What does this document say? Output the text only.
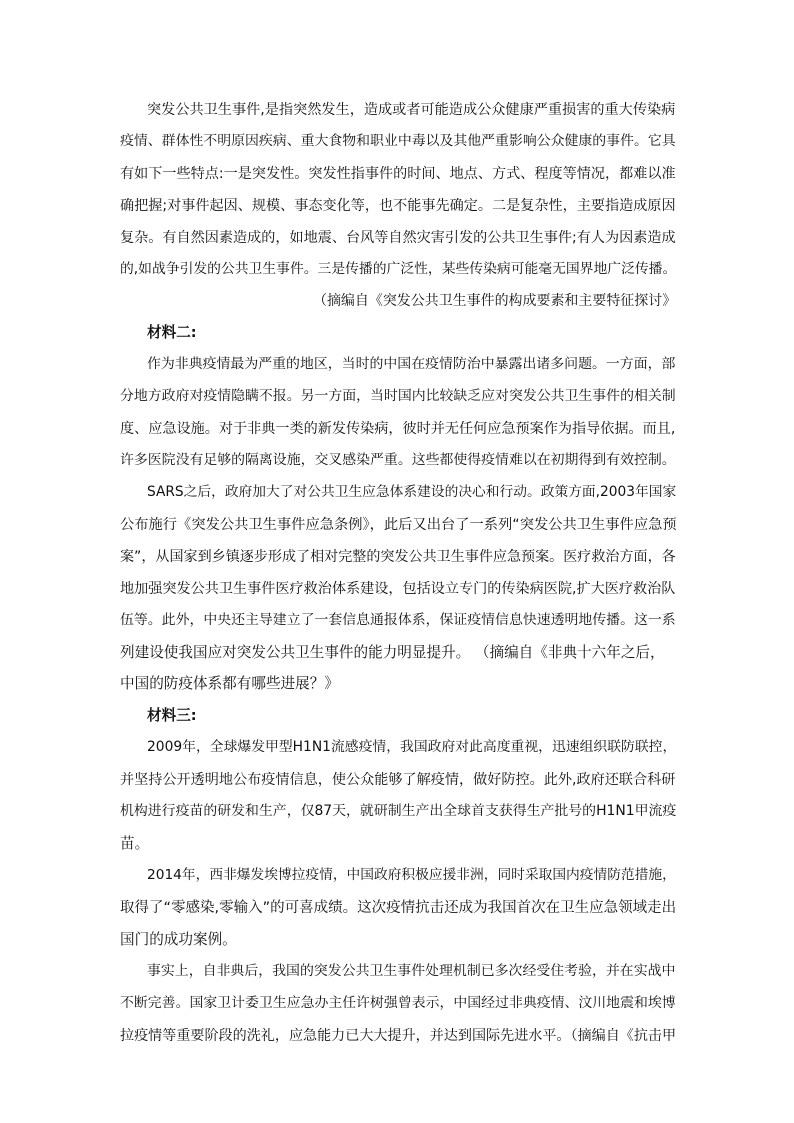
突发公共卫生事件,是指突然发生，造成或者可能造成公众健康严重损害的重大传染病
疫情、群体性不明原因疾病、重大食物和职业中毒以及其他严重影响公众健康的事件。它具
有如下一些特点:一是突发性。突发性指事件的时间、地点、方式、程度等情况，都难以准
确把握;对事件起因、规模、事态变化等，也不能事先确定。二是复杂性，主要指造成原因
复杂。有自然因素造成的，如地震、台风等自然灾害引发的公共卫生事件;有人为因素造成
的,如战争引发的公共卫生事件。三是传播的广泛性，某些传染病可能毫无国界地广泛传播。
（摘编自《突发公共卫生事件的构成要素和主要特征探讨》
材料二:
作为非典疫情最为严重的地区，当时的中国在疫情防治中暴露出诸多问题。一方面，部
分地方政府对疫情隐瞒不报。另一方面，当时国内比较缺乏应对突发公共卫生事件的相关制
度、应急设施。对于非典一类的新发传染病，彼时并无任何应急预案作为指导依据。而且,
许多医院没有足够的隔离设施，交叉感染严重。这些都使得疫情难以在初期得到有效控制。
SARS之后，政府加大了对公共卫生应急体系建设的决心和行动。政策方面,2003年国家
公布施行《突发公共卫生事件应急条例》，此后又出台了一系列“突发公共卫生事件应急预
案”，从国家到乡镇逐步形成了相对完整的突发公共卫生事件应急预案。医疗救治方面，各
地加强突发公共卫生事件医疗救治体系建设，包括设立专门的传染病医院,扩大医疗救治队
伍等。此外，中央还主导建立了一套信息通报体系，保证疫情信息快速透明地传播。这一系
列建设使我国应对突发公共卫生事件的能力明显提升。 （摘编自《非典十六年之后，
中国的防疫体系都有哪些进展？》
材料三:
2009年，全球爆发甲型H1N1流感疫情，我国政府对此高度重视，迅速组织联防联控，
并坚持公开透明地公布疫情信息，使公众能够了解疫情，做好防控。此外,政府还联合科研
机构进行疫苗的研发和生产，仅87天，就研制生产出全球首支获得生产批号的H1N1甲流疫
苗。
2014年，西非爆发埃博拉疫情，中国政府积极应援非洲，同时采取国内疫情防范措施，
取得了“零感染,零输入”的可喜成绩。这次疫情抗击还成为我国首次在卫生应急领域走出
国门的成功案例。
事实上，自非典后，我国的突发公共卫生事件处理机制已多次经受住考验，并在实战中
不断完善。国家卫计委卫生应急办主任许树强曾表示，中国经过非典疫情、汶川地震和埃博
拉疫情等重要阶段的洗礼，应急能力已大大提升，并达到国际先进水平。（摘编自《抗击甲
